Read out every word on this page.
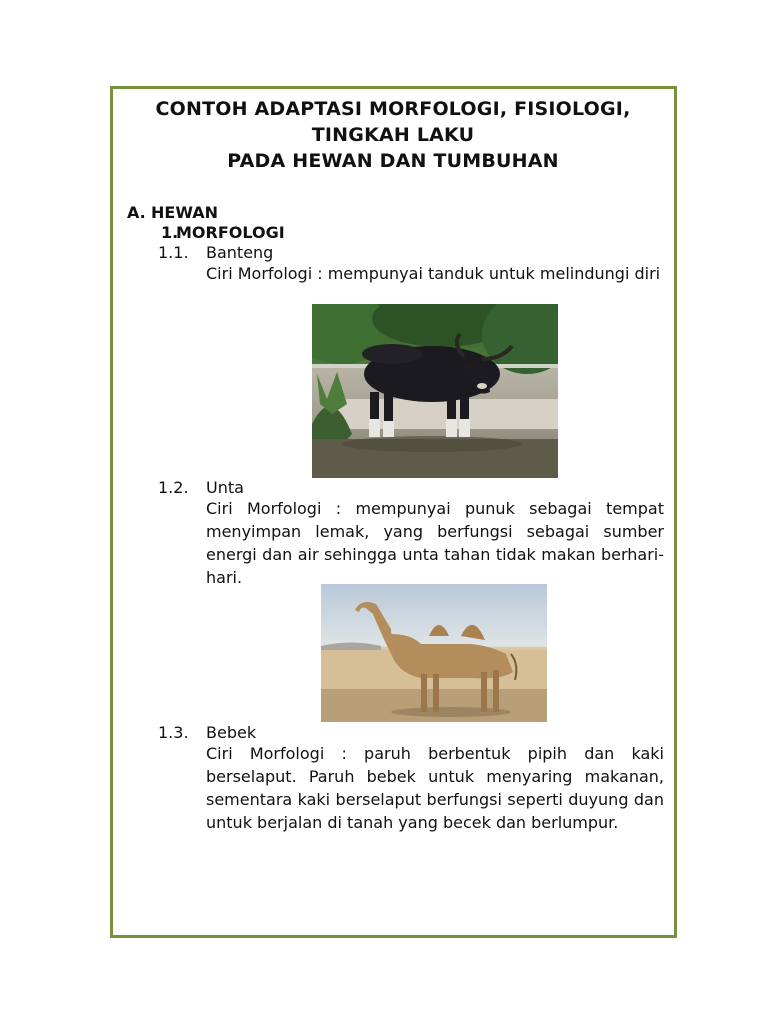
CONTOH ADAPTASI MORFOLOGI, FISIOLOGI,
TINGKAH LAKU
PADA HEWAN DAN TUMBUHAN
A. HEWAN
1.
MORFOLOGI
1.1. Banteng
Ciri Morfologi : mempunyai tanduk untuk melindungi diri
1.2. Unta
Ciri Morfologi : mempunyai punuk sebagai tempat menyimpan lemak, yang berfungsi sebagai sumber energi dan air sehingga unta tahan tidak makan berhari-hari.
1.3. Bebek
Ciri Morfologi : paruh berbentuk pipih dan kaki berselaput. Paruh bebek untuk menyaring makanan, sementara kaki berselaput berfungsi seperti duyung dan untuk berjalan di tanah yang becek dan berlumpur.
